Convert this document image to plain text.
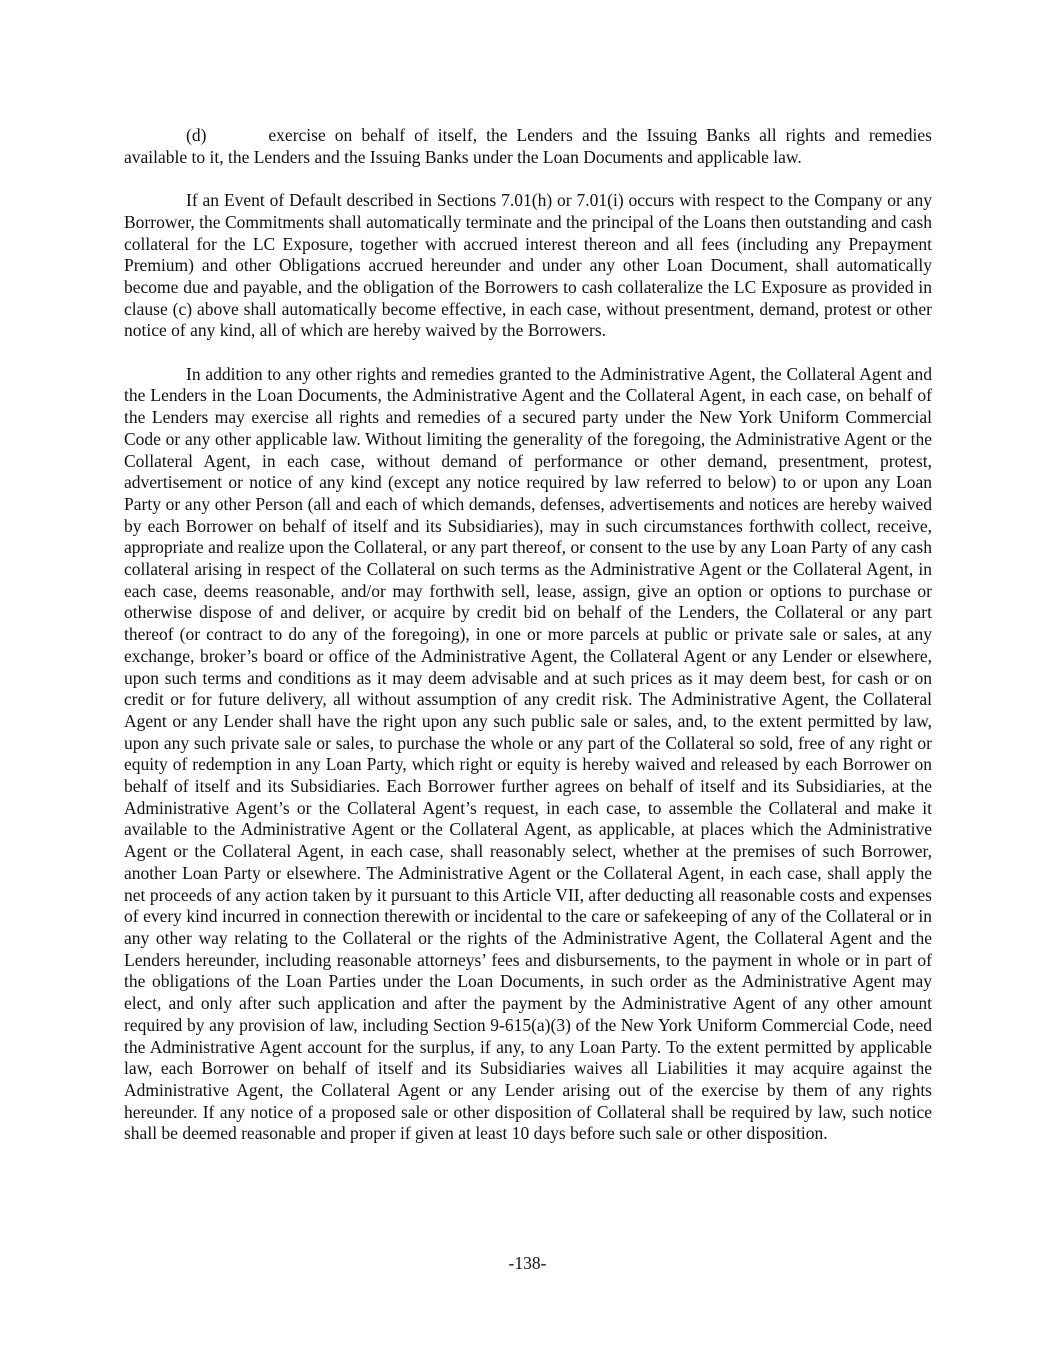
(d)	exercise on behalf of itself, the Lenders and the Issuing Banks all rights and remedies available to it, the Lenders and the Issuing Banks under the Loan Documents and applicable law.

If an Event of Default described in Sections 7.01(h) or 7.01(i) occurs with respect to the Company or any Borrower, the Commitments shall automatically terminate and the principal of the Loans then outstanding and cash collateral for the LC Exposure, together with accrued interest thereon and all fees (including any Prepayment Premium) and other Obligations accrued hereunder and under any other Loan Document, shall automatically become due and payable, and the obligation of the Borrowers to cash collateralize the LC Exposure as provided in clause (c) above shall automatically become effective, in each case, without presentment, demand, protest or other notice of any kind, all of which are hereby waived by the Borrowers.

In addition to any other rights and remedies granted to the Administrative Agent, the Collateral Agent and the Lenders in the Loan Documents, the Administrative Agent and the Collateral Agent, in each case, on behalf of the Lenders may exercise all rights and remedies of a secured party under the New York Uniform Commercial Code or any other applicable law. Without limiting the generality of the foregoing, the Administrative Agent or the Collateral Agent, in each case, without demand of performance or other demand, presentment, protest, advertisement or notice of any kind (except any notice required by law referred to below) to or upon any Loan Party or any other Person (all and each of which demands, defenses, advertisements and notices are hereby waived by each Borrower on behalf of itself and its Subsidiaries), may in such circumstances forthwith collect, receive, appropriate and realize upon the Collateral, or any part thereof, or consent to the use by any Loan Party of any cash collateral arising in respect of the Collateral on such terms as the Administrative Agent or the Collateral Agent, in each case, deems reasonable, and/or may forthwith sell, lease, assign, give an option or options to purchase or otherwise dispose of and deliver, or acquire by credit bid on behalf of the Lenders, the Collateral or any part thereof (or contract to do any of the foregoing), in one or more parcels at public or private sale or sales, at any exchange, broker’s board or office of the Administrative Agent, the Collateral Agent or any Lender or elsewhere, upon such terms and conditions as it may deem advisable and at such prices as it may deem best, for cash or on credit or for future delivery, all without assumption of any credit risk. The Administrative Agent, the Collateral Agent or any Lender shall have the right upon any such public sale or sales, and, to the extent permitted by law, upon any such private sale or sales, to purchase the whole or any part of the Collateral so sold, free of any right or equity of redemption in any Loan Party, which right or equity is hereby waived and released by each Borrower on behalf of itself and its Subsidiaries. Each Borrower further agrees on behalf of itself and its Subsidiaries, at the Administrative Agent’s or the Collateral Agent’s request, in each case, to assemble the Collateral and make it available to the Administrative Agent or the Collateral Agent, as applicable, at places which the Administrative Agent or the Collateral Agent, in each case, shall reasonably select, whether at the premises of such Borrower, another Loan Party or elsewhere. The Administrative Agent or the Collateral Agent, in each case, shall apply the net proceeds of any action taken by it pursuant to this Article VII, after deducting all reasonable costs and expenses of every kind incurred in connection therewith or incidental to the care or safekeeping of any of the Collateral or in any other way relating to the Collateral or the rights of the Administrative Agent, the Collateral Agent and the Lenders hereunder, including reasonable attorneys’ fees and disbursements, to the payment in whole or in part of the obligations of the Loan Parties under the Loan Documents, in such order as the Administrative Agent may elect, and only after such application and after the payment by the Administrative Agent of any other amount required by any provision of law, including Section 9-615(a)(3) of the New York Uniform Commercial Code, need the Administrative Agent account for the surplus, if any, to any Loan Party. To the extent permitted by applicable law, each Borrower on behalf of itself and its Subsidiaries waives all Liabilities it may acquire against the Administrative Agent, the Collateral Agent or any Lender arising out of the exercise by them of any rights hereunder. If any notice of a proposed sale or other disposition of Collateral shall be required by law, such notice shall be deemed reasonable and proper if given at least 10 days before such sale or other disposition.

-138-
